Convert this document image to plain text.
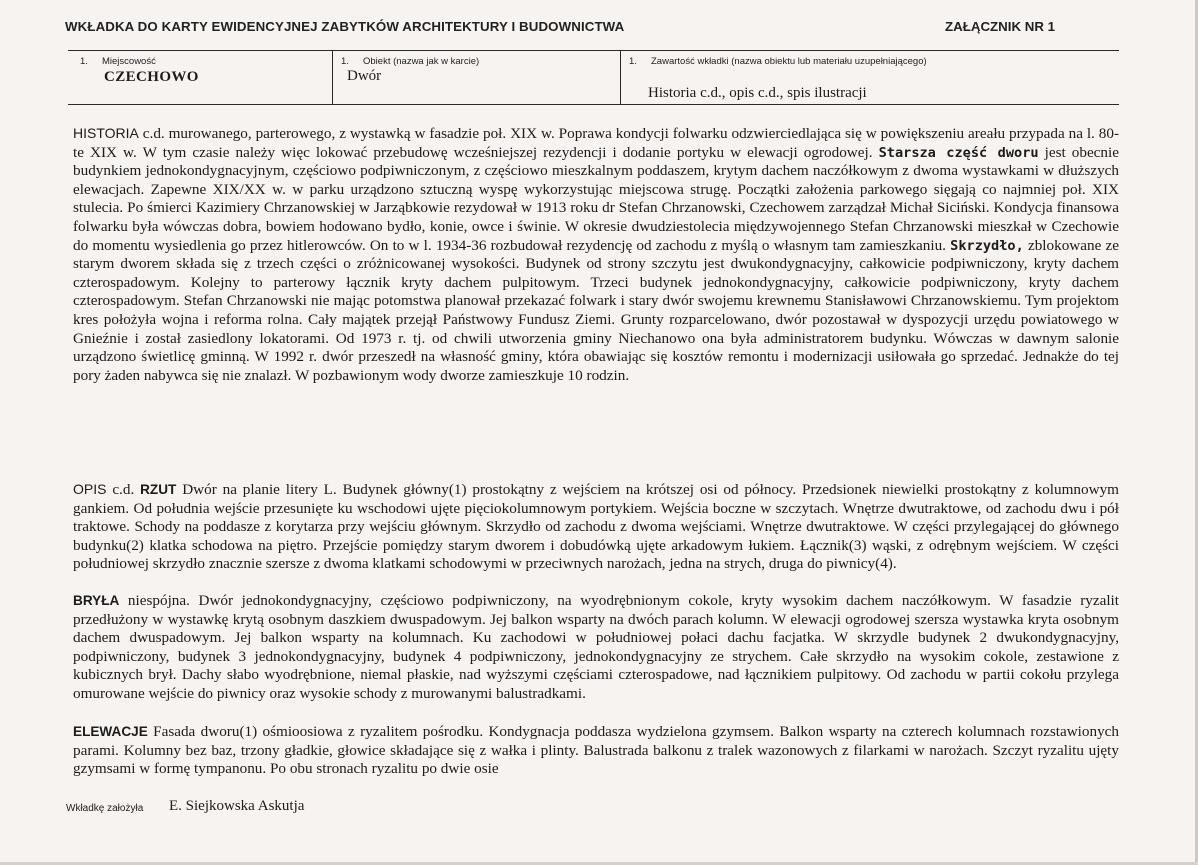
WKŁADKA DO KARTY EWIDENCYJNEJ ZABYTKÓW ARCHITEKTURY I BUDOWNICTWA	ZAŁĄCZNIK NR 1
1. Miejscowość
CZECHOWO
1. Obiekt (nazwa jak w karcie)
Dwór
1. Zawartość wkładki (nazwa obiektu lub materiału uzupełniającego)
Historia c.d., opis c.d., spis ilustracji
HISTORIA c.d. murowanego, parterowego, z wystawką w fasadzie poł. XIX w. Poprawa kondycji folwarku odzwierciedlająca się w powiększeniu areału przypada na l. 80-te XIX w. W tym czasie należy więc lokować przebudowę wcześniejszej rezydencji i dodanie portyku w elewacji ogrodowej. Starsza część dworu jest obecnie budynkiem jednokondygnacyjnym, częściowo podpiwniczonym, z częściowo mieszkalnym poddaszem, krytym dachem naczółkowym z dwoma wystawkami w dłuższych elewacjach. Zapewne XIX/XX w. w parku urządzono sztuczną wyspę wykorzystując miejscowa strugę. Początki założenia parkowego sięgają co najmniej poł. XIX stulecia. Po śmierci Kazimiery Chrzanowskiej w Jarząbkowie rezydował w 1913 roku dr Stefan Chrzanowski, Czechowem zarządzał Michał Siciński. Kondycja finansowa folwarku była wówczas dobra, bowiem hodowano bydło, konie, owce i świnie. W okresie dwudziestolecia międzywojennego Stefan Chrzanowski mieszkał w Czechowie do momentu wysiedlenia go przez hitlerowców. On to w l. 1934-36 rozbudował rezydencję od zachodu z myślą o własnym tam zamieszkaniu. Skrzydło, zblokowane ze starym dworem składa się z trzech części o zróżnicowanej wysokości. Budynek od strony szczytu jest dwukondygnacyjny, całkowicie podpiwniczony, kryty dachem czterospadowym. Kolejny to parterowy łącznik kryty dachem pulpitowym. Trzeci budynek jednokondygnacyjny, całkowicie podpiwniczony, kryty dachem czterospadowym. Stefan Chrzanowski nie mając potomstwa planował przekazać folwark i stary dwór swojemu krewnemu Stanisławowi Chrzanowskiemu. Tym projektom kres położyła wojna i reforma rolna. Cały majątek przejął Państwowy Fundusz Ziemi. Grunty rozparcelowano, dwór pozostawał w dyspozycji urzędu powiatowego w Gnieźnie i został zasiedlony lokatorami. Od 1973 r. tj. od chwili utworzenia gminy Niechanowo ona była administratorem budynku. Wówczas w dawnym salonie urządzono świetlicę gminną. W 1992 r. dwór przeszedł na własność gminy, która obawiając się kosztów remontu i modernizacji usiłowała go sprzedać. Jednakże do tej pory żaden nabywca się nie znalazł. W pozbawionym wody dworze zamieszkuje 10 rodzin.
OPIS c.d. RZUT Dwór na planie litery L. Budynek główny(1) prostokątny z wejściem na krótszej osi od północy. Przedsionek niewielki prostokątny z kolumnowym gankiem. Od południa wejście przesunięte ku wschodowi ujęte pięciokolumnowym portykiem. Wejścia boczne w szczytach. Wnętrze dwutraktowe, od zachodu dwu i pół traktowe. Schody na poddasze z korytarza przy wejściu głównym. Skrzydło od zachodu z dwoma wejściami. Wnętrze dwutraktowe. W części przylegającej do głównego budynku(2) klatka schodowa na piętro. Przejście pomiędzy starym dworem i dobudówką ujęte arkadowym łukiem. Łącznik(3) wąski, z odrębnym wejściem. W części południowej skrzydło znacznie szersze z dwoma klatkami schodowymi w przeciwnych narożach, jedna na strych, druga do piwnicy(4).
BRYŁA niespójna. Dwór jednokondygnacyjny, częściowo podpiwniczony, na wyodrębnionym cokole, kryty wysokim dachem naczółkowym. W fasadzie ryzalit przedłużony w wystawkę krytą osobnym daszkiem dwuspadowym. Jej balkon wsparty na dwóch parach kolumn. W elewacji ogrodowej szersza wystawka kryta osobnym dachem dwuspadowym. Jej balkon wsparty na kolumnach. Ku zachodowi w południowej połaci dachu facjatka. W skrzydle budynek 2 dwukondygnacyjny, podpiwniczony, budynek 3 jednokondygnacyjny, budynek 4 podpiwniczony, jednokondygnacyjny ze strychem. Całe skrzydło na wysokim cokole, zestawione z kubicznych brył. Dachy słabo wyodrębnione, niemal płaskie, nad wyższymi częściami czterospadowe, nad łącznikiem pulpitowy. Od zachodu w partii cokołu przylega omurowane wejście do piwnicy oraz wysokie schody z murowanymi balustradkami.
ELEWACJE Fasada dworu(1) ośmioosiowa z ryzalitem pośrodku. Kondygnacja poddasza wydzielona gzymsem. Balkon wsparty na czterech kolumnach rozstawionych parami. Kolumny bez baz, trzony gładkie, głowice składające się z wałka i plinty. Balustrada balkonu z tralek wazonowych z filarkami w narożach. Szczyt ryzalitu ujęty gzymsami w formę tympanonu. Po obu stronach ryzalitu po dwie osie
Wkładkę założyła E. Siejkowska Askutja
